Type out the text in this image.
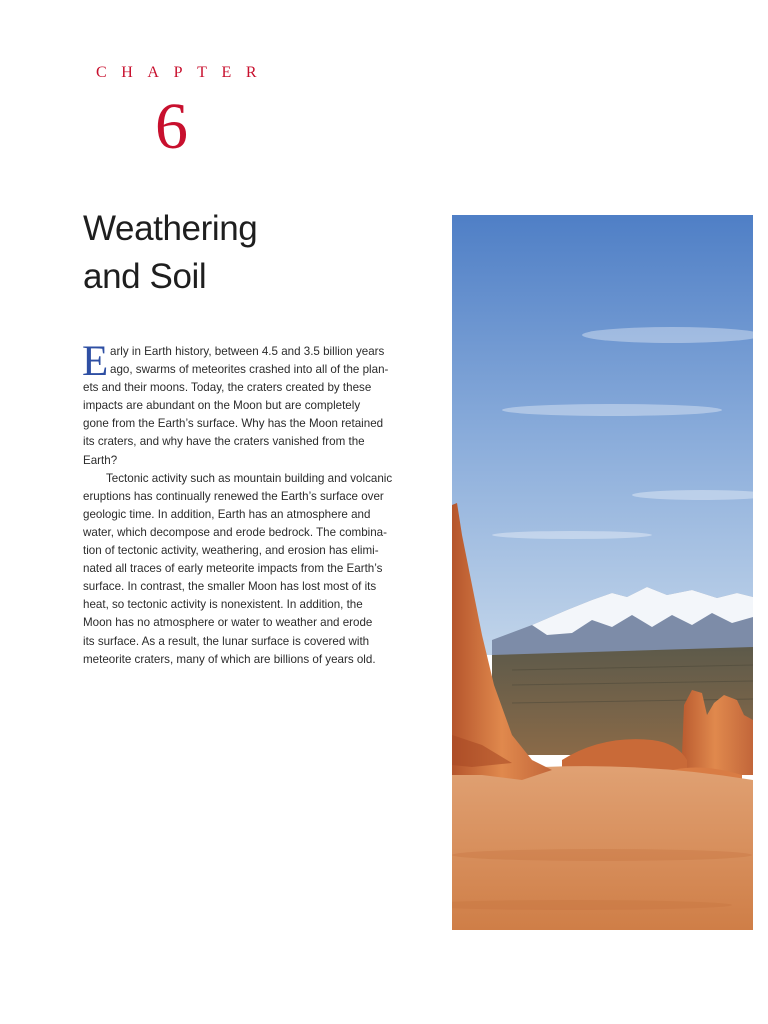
CHAPTER
6
Weathering
and Soil
E arly in Earth history, between 4.5 and 3.5 billion years
ago, swarms of meteorites crashed into all of the plan-
ets and their moons. Today, the craters created by these
impacts are abundant on the Moon but are completely
gone from the Earth’s surface. Why has the Moon retained
its craters, and why have the craters vanished from the
Earth?
Tectonic activity such as mountain building and volcanic
eruptions has continually renewed the Earth’s surface over
geologic time. In addition, Earth has an atmosphere and
water, which decompose and erode bedrock. The combina-
tion of tectonic activity, weathering, and erosion has elimi-
nated all traces of early meteorite impacts from the Earth’s
surface. In contrast, the smaller Moon has lost most of its
heat, so tectonic activity is nonexistent. In addition, the
Moon has no atmosphere or water to weather and erode
its surface. As a result, the lunar surface is covered with
meteorite craters, many of which are billions of years old.
